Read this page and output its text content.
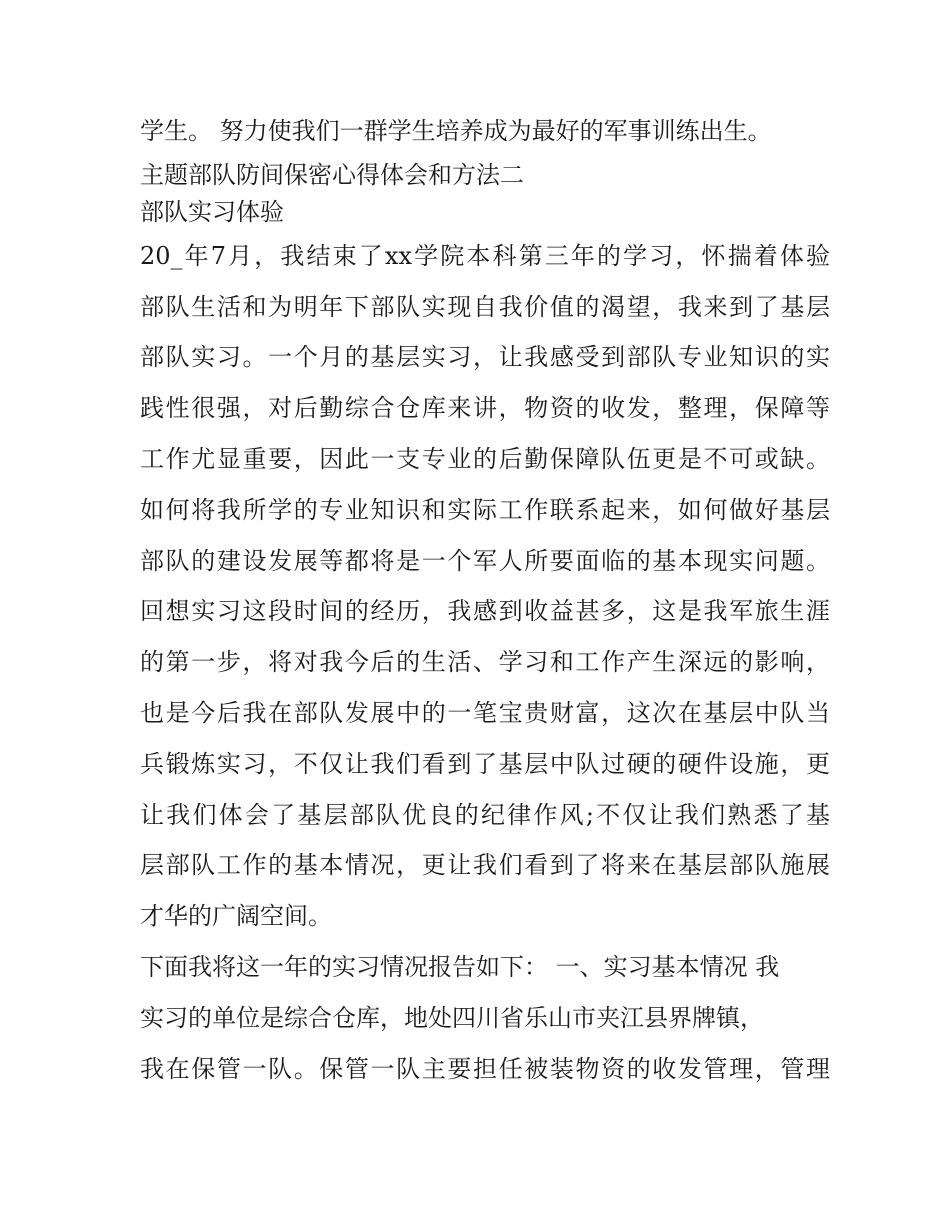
学生。 努力使我们一群学生培养成为最好的军事训练出生。

主题部队防间保密心得体会和方法二

部队实习体验

20_年7月，我结束了xx学院本科第三年的学习，怀揣着体验

部队生活和为明年下部队实现自我价值的渴望，我来到了基层

部队实习。一个月的基层实习，让我感受到部队专业知识的实

践性很强，对后勤综合仓库来讲，物资的收发，整理，保障等

工作尤显重要，因此一支专业的后勤保障队伍更是不可或缺。

如何将我所学的专业知识和实际工作联系起来，如何做好基层

部队的建设发展等都将是一个军人所要面临的基本现实问题。

回想实习这段时间的经历，我感到收益甚多，这是我军旅生涯

的第一步，将对我今后的生活、学习和工作产生深远的影响，

也是今后我在部队发展中的一笔宝贵财富，这次在基层中队当

兵锻炼实习，不仅让我们看到了基层中队过硬的硬件设施，更

让我们体会了基层部队优良的纪律作风;不仅让我们熟悉了基

层部队工作的基本情况，更让我们看到了将来在基层部队施展

才华的广阔空间。

下面我将这一年的实习情况报告如下： 一、实习基本情况 我

实习的单位是综合仓库，地处四川省乐山市夹江县界牌镇，

我在保管一队。保管一队主要担任被装物资的收发管理，管理
